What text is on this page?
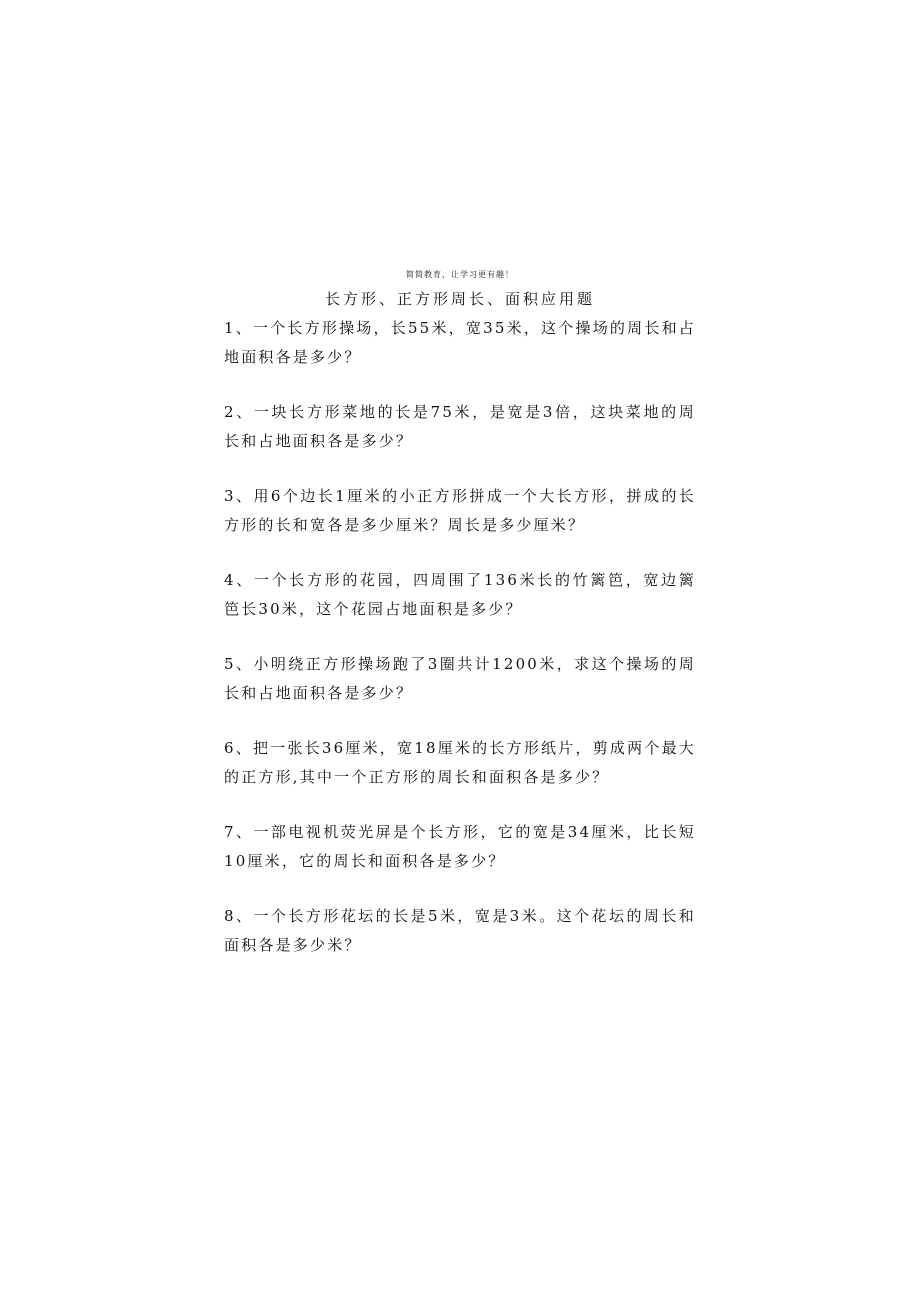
简简教育，让学习更有趣！
长方形、正方形周长、面积应用题

1、一个长方形操场，长55米，宽35米，这个操场的周长和占地面积各是多少？

2、一块长方形菜地的长是75米，是宽是3倍，这块菜地的周长和占地面积各是多少？

3、用6个边长1厘米的小正方形拼成一个大长方形，拼成的长方形的长和宽各是多少厘米？周长是多少厘米？

4、一个长方形的花园，四周围了136米长的竹篱笆，宽边篱笆长30米，这个花园占地面积是多少？

5、小明绕正方形操场跑了3圈共计1200米，求这个操场的周长和占地面积各是多少？

6、把一张长36厘米，宽18厘米的长方形纸片，剪成两个最大的正方形,其中一个正方形的周长和面积各是多少？

7、一部电视机荧光屏是个长方形，它的宽是34厘米，比长短10厘米，它的周长和面积各是多少？

8、一个长方形花坛的长是5米，宽是3米。这个花坛的周长和面积各是多少米？
